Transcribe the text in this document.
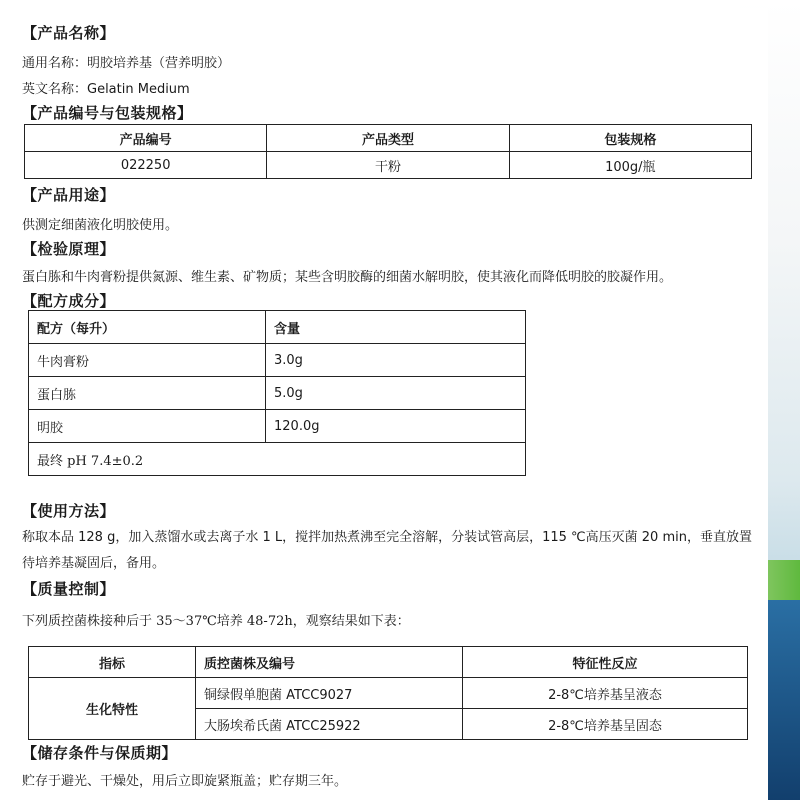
【产品名称】
通用名称：明胶培养基（营养明胶）
英文名称：Gelatin Medium
【产品编号与包装规格】
产品编号	产品类型	包装规格
022250	干粉	100g/瓶
【产品用途】
供测定细菌液化明胶使用。
【检验原理】
蛋白胨和牛肉膏粉提供氮源、维生素、矿物质；某些含明胶酶的细菌水解明胶，使其液化而降低明胶的胶凝作用。
【配方成分】
配方（每升）	含量
牛肉膏粉	3.0g
蛋白胨	5.0g
明胶	120.0g
最终 pH 7.4±0.2	
【使用方法】
称取本品 128 g，加入蒸馏水或去离子水 1 L，搅拌加热煮沸至完全溶解，分装试管高层，115 ℃高压灭菌 20 min，垂直放置待培养基凝固后，备用。
【质量控制】
下列质控菌株接种后于 35～37℃培养 48-72h，观察结果如下表：
指标	质控菌株及编号	特征性反应
生化特性	铜绿假单胞菌 ATCC9027	2-8℃培养基呈液态
	大肠埃希氏菌 ATCC25922	2-8℃培养基呈固态
【储存条件与保质期】
贮存于避光、干燥处，用后立即旋紧瓶盖；贮存期三年。
